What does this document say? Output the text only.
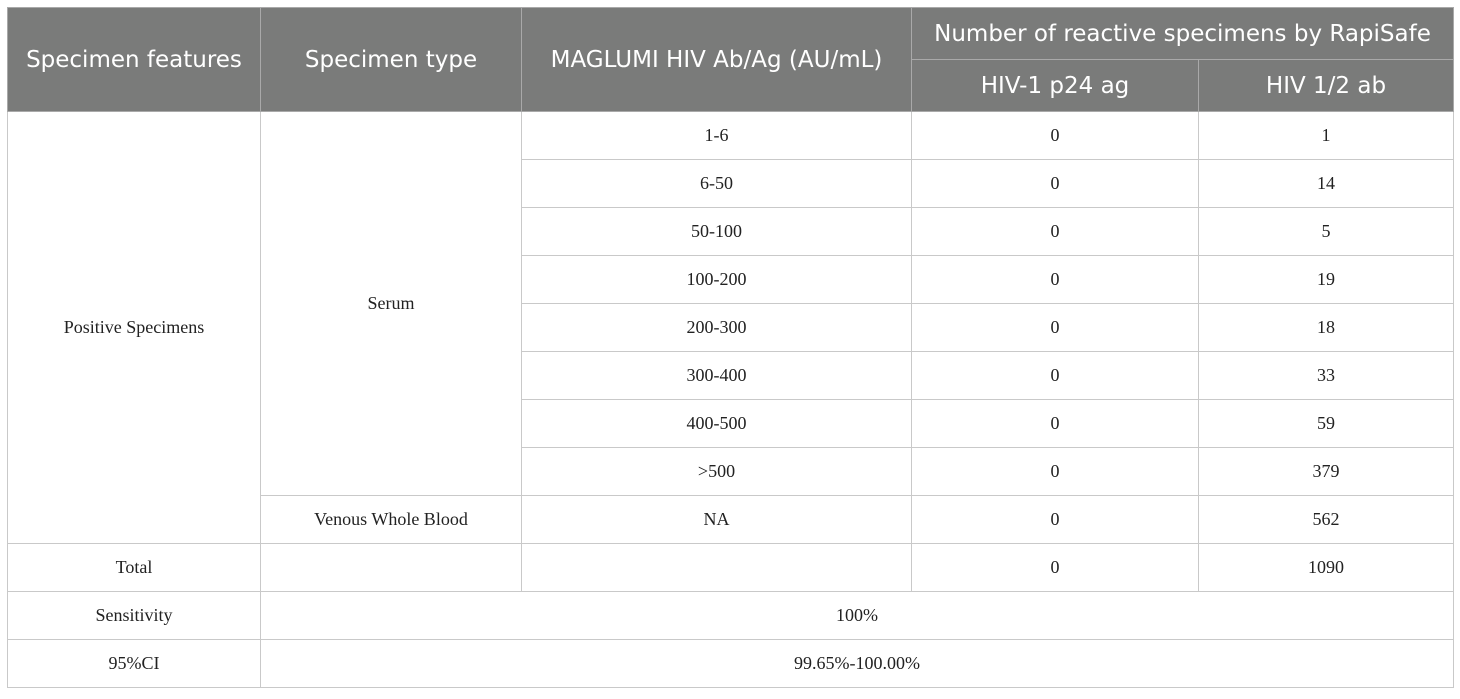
Specimen features	Specimen type	MAGLUMI HIV Ab/Ag (AU/mL)	Number of reactive specimens by RapiSafe	
			HIV-1 p24 ag	HIV 1/2 ab
Positive Specimens	Serum	1-6	0	1
		6-50	0	14
		50-100	0	5
		100-200	0	19
		200-300	0	18
		300-400	0	33
		400-500	0	59
		>500	0	379
	Venous Whole Blood	NA	0	562
Total			0	1090
Sensitivity	100%			
95%CI	99.65%-100.00%			
